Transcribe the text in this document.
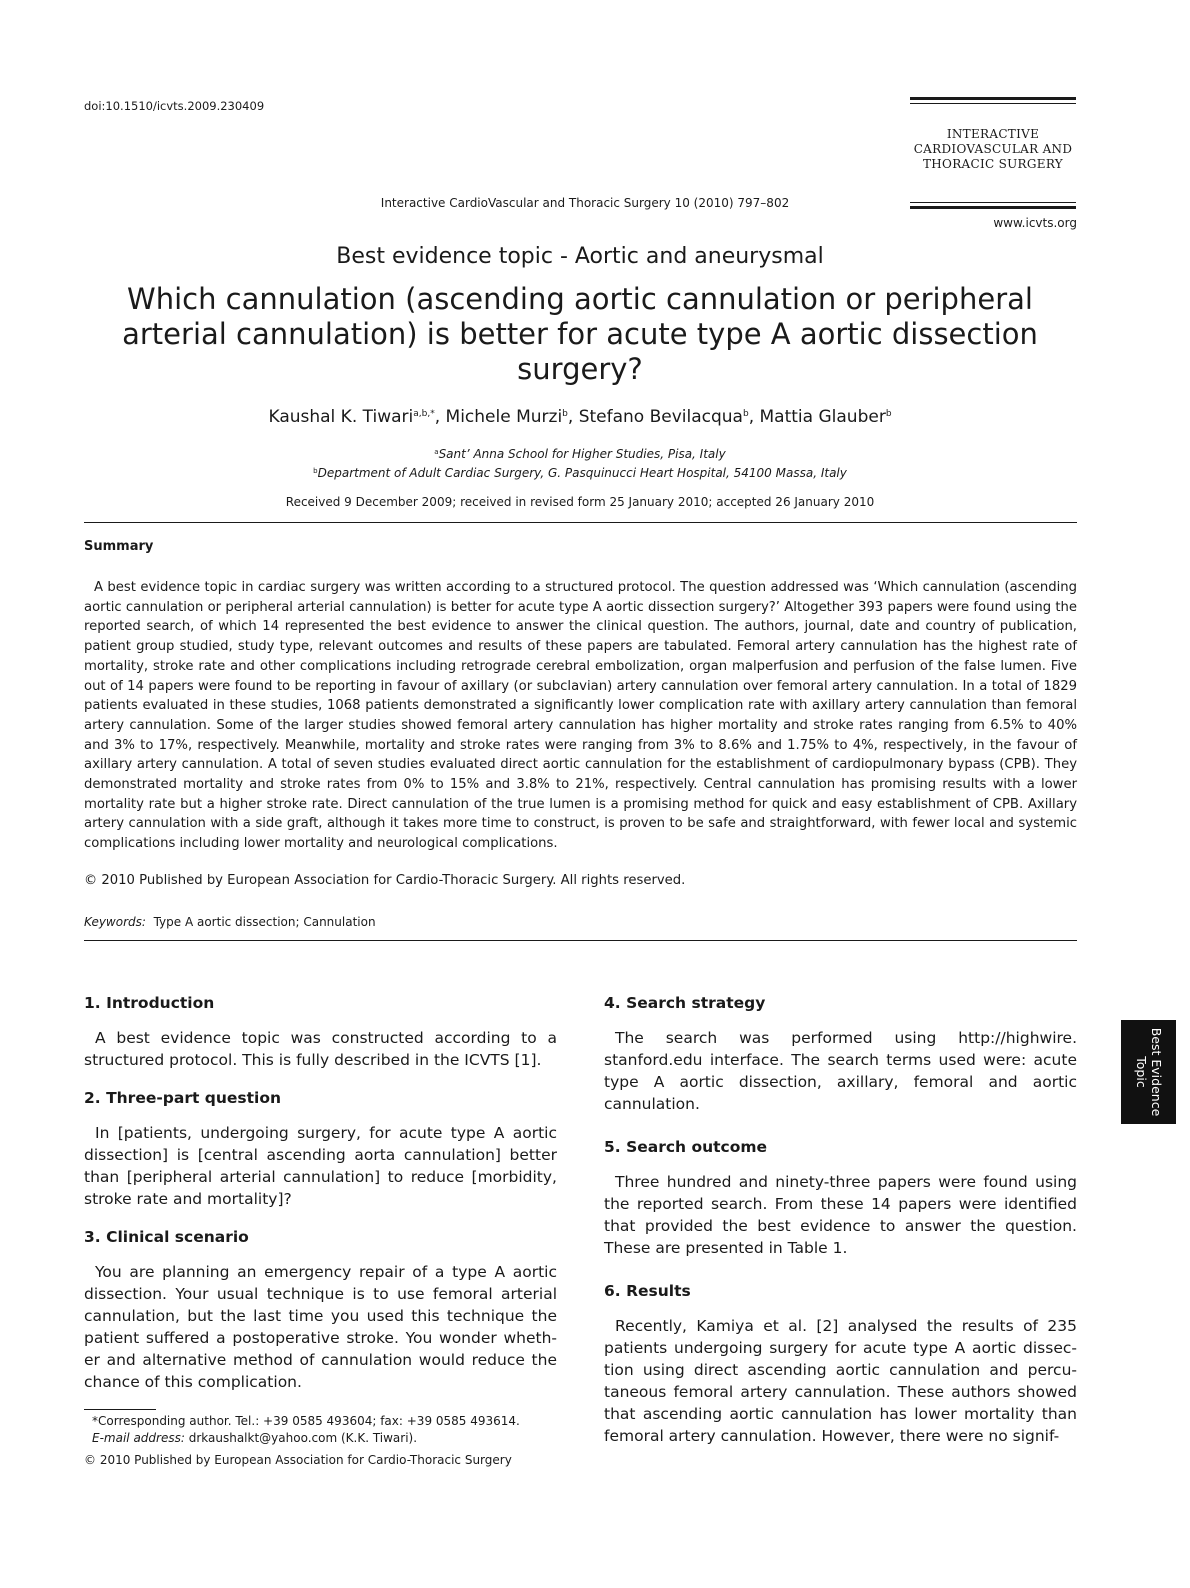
doi:10.1510/icvts.2009.230409
INTERACTIVE
CARDIOVASCULAR AND
THORACIC SURGERY
Interactive CardioVascular and Thoracic Surgery 10 (2010) 797–802
www.icvts.org
Best evidence topic - Aortic and aneurysmal
Which cannulation (ascending aortic cannulation or peripheral arterial cannulation) is better for acute type A aortic dissection surgery?
Kaushal K. Tiwari$^{a,b,*}$, Michele Murzi$^b$, Stefano Bevilacqua$^b$, Mattia Glauber$^b$
$^a$Sant’ Anna School for Higher Studies, Pisa, Italy
$^b$Department of Adult Cardiac Surgery, G. Pasquinucci Heart Hospital, 54100 Massa, Italy
Received 9 December 2009; received in revised form 25 January 2010; accepted 26 January 2010
Summary
A best evidence topic in cardiac surgery was written according to a structured protocol. The question addressed was ‘Which cannulation (ascending aortic cannulation or peripheral arterial cannulation) is better for acute type A aortic dissection surgery?’ Altogether 393 papers were found using the reported search, of which 14 represented the best evidence to answer the clinical question. The authors, journal, date and country of publication, patient group studied, study type, relevant outcomes and results of these papers are tabulated. Femoral artery cannulation has the highest rate of mortality, stroke rate and other complications including retrograde cerebral embolization, organ malperfusion and perfusion of the false lumen. Five out of 14 papers were found to be reporting in favour of axillary (or subclavian) artery cannulation over femoral artery cannulation. In a total of 1829 patients evaluated in these studies, 1068 patients demonstrated a significantly lower complication rate with axillary artery cannulation than femoral artery cannulation. Some of the larger studies showed femoral artery cannulation has higher mortality and stroke rates ranging from 6.5% to 40% and 3% to 17%, respectively. Meanwhile, mortality and stroke rates were ranging from 3% to 8.6% and 1.75% to 4%, respectively, in the favour of axillary artery cannulation. A total of seven studies evaluated direct aortic cannulation for the establishment of cardiopulmonary bypass (CPB). They demonstrated mortality and stroke rates from 0% to 15% and 3.8% to 21%, respectively. Central cannulation has promising results with a lower mortality rate but a higher stroke rate. Direct cannulation of the true lumen is a promising method for quick and easy establishment of CPB. Axillary artery cannulation with a side graft, although it takes more time to construct, is proven to be safe and straightforward, with fewer local and systemic complications including lower mortality and neurological complications.
© 2010 Published by European Association for Cardio-Thoracic Surgery. All rights reserved.
Keywords: Type A aortic dissection; Cannulation
1. Introduction

A best evidence topic was constructed according to a structured protocol. This is fully described in the ICVTS [1].

2. Three-part question

In [patients, undergoing surgery, for acute type A aortic dissection] is [central ascending aorta cannulation] better than [peripheral arterial cannulation] to reduce [morbidity, stroke rate and mortality]?

3. Clinical scenario

You are planning an emergency repair of a type A aortic dissection. Your usual technique is to use femoral arterial cannulation, but the last time you used this technique the patient suffered a postoperative stroke. You wonder wheth-er and alternative method of cannulation would reduce the chance of this complication.

4. Search strategy

The search was performed using http://highwire. stanford.edu interface. The search terms used were: acute type A aortic dissection, axillary, femoral and aortic cannulation.

5. Search outcome

Three hundred and ninety-three papers were found using the reported search. From these 14 papers were identified that provided the best evidence to answer the question. These are presented in Table 1.

6. Results

Recently, Kamiya et al. [2] analysed the results of 235 patients undergoing surgery for acute type A aortic dissec-tion using direct ascending aortic cannulation and percu-taneous femoral artery cannulation. These authors showed that ascending aortic cannulation has lower mortality than femoral artery cannulation. However, there were no signif-

*Corresponding author. Tel.: +39 0585 493604; fax: +39 0585 493614.
E-mail address: drkaushalkt@yahoo.com (K.K. Tiwari).
© 2010 Published by European Association for Cardio-Thoracic Surgery
Best Evidence
Topic
